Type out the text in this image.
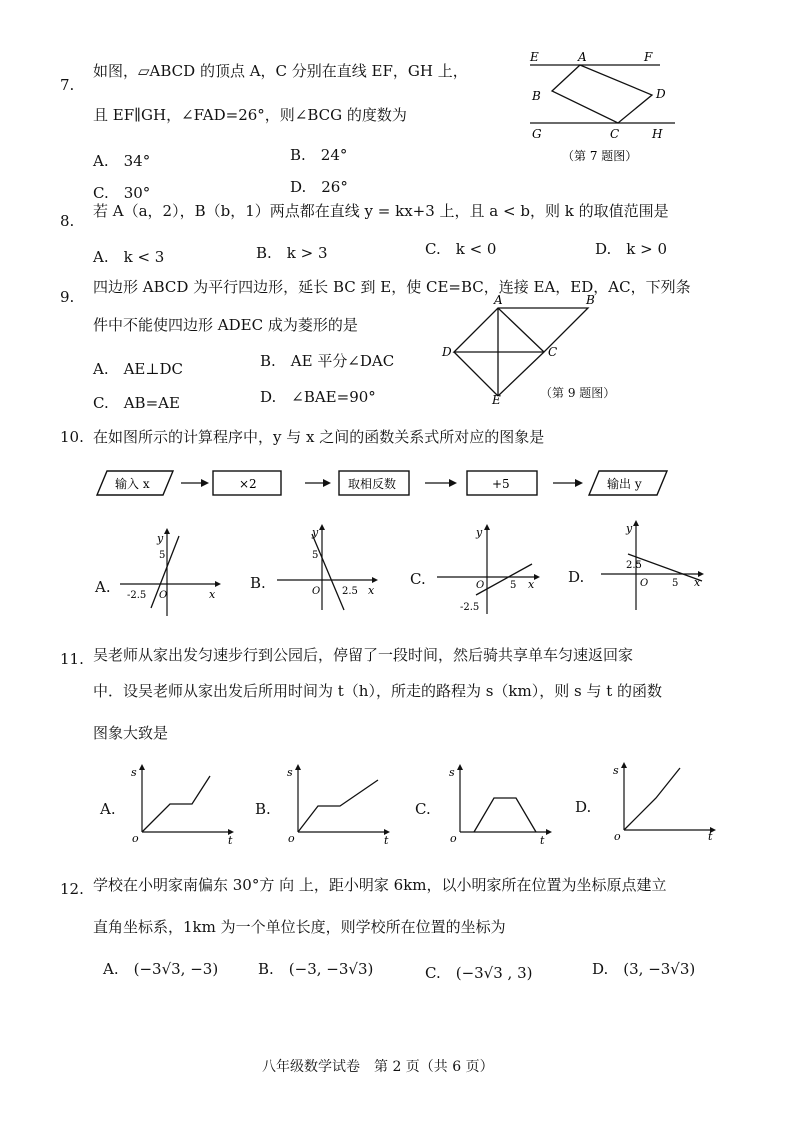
7.
如图，▱ABCD 的顶点 A，C 分别在直线 EF，GH 上，
且 EF∥GH，∠FAD=26°，则∠BCG 的度数为
A.　34°	B.　24°
C.　30°	D.　26°
E	A	F
B	D
G	C	H
（第 7 题图）
8.
若 A（a，2），B（b，1）两点都在直线 y = kx+3 上，且 a < b，则 k 的取值范围是
A.　k < 3	B.　k > 3	C.　k < 0	D.　k > 0
9.
四边形 ABCD 为平行四边形，延长 BC 到 E，使 CE=BC，连接 EA，ED，AC，下列条
件中不能使四边形 ADEC 成为菱形的是
A.　AE⊥DC	B.　AE 平分∠DAC
C.　AB=AE	D.　∠BAE=90°
A	B
D	C
E	（第 9 题图）
10. 在如图所示的计算程序中，y 与 x 之间的函数关系式所对应的图象是
输入 x	×2	取相反数	+5	输出 y
A.	B.	C.	D.
y
5
-2.5 O	x
y
5
O 2.5 x
y
O	5 x
-2.5
y
2.5
O 5 x
11. 吴老师从家出发匀速步行到公园后，停留了一段时间，然后骑共享单车匀速返回家
中．设吴老师从家出发后所用时间为 t（h），所走的路程为 s（km），则 s 与 t 的函数
图象大致是
A.	B.	C.	D.
s
o	t
s
o	t
s
o	t
s
o	t
12. 学校在小明家南偏东 30°方 向 上，距小明家 6km，以小明家所在位置为坐标原点建立
直角坐标系，1km 为一个单位长度，则学校所在位置的坐标为
A.　(−3√3, −3)	B.　(−3, −3√3)	C.　(−3√3 , 3)	D.　(3, −3√3)
八年级数学试卷　第 2 页（共 6 页）
